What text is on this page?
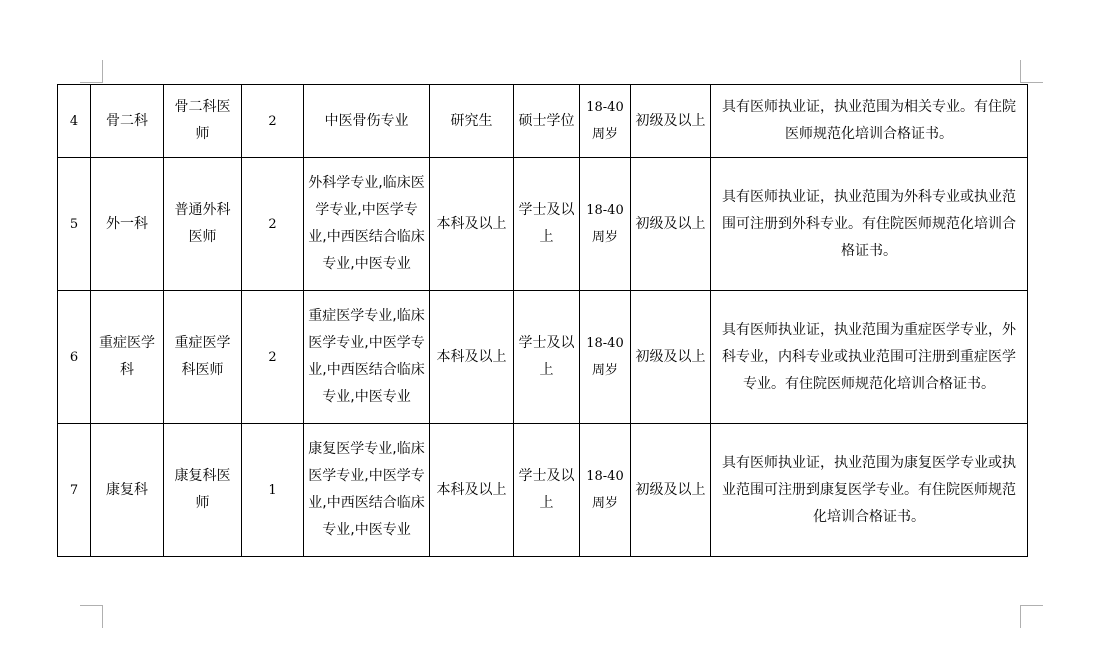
4	骨二科	骨二科医师	2	中医骨伤专业	研究生	硕士学位	18-40周岁	初级及以上	具有医师执业证，执业范围为相关专业。有住院医师规范化培训合格证书。
5	外一科	普通外科医师	2	外科学专业,临床医学专业,中医学专业,中西医结合临床专业,中医专业	本科及以上	学士及以上	18-40周岁	初级及以上	具有医师执业证，执业范围为外科专业或执业范围可注册到外科专业。有住院医师规范化培训合格证书。
6	重症医学科	重症医学科医师	2	重症医学专业,临床医学专业,中医学专业,中西医结合临床专业,中医专业	本科及以上	学士及以上	18-40周岁	初级及以上	具有医师执业证，执业范围为重症医学专业，外科专业，内科专业或执业范围可注册到重症医学专业。有住院医师规范化培训合格证书。
7	康复科	康复科医师	1	康复医学专业,临床医学专业,中医学专业,中西医结合临床专业,中医专业	本科及以上	学士及以上	18-40周岁	初级及以上	具有医师执业证，执业范围为康复医学专业或执业范围可注册到康复医学专业。有住院医师规范化培训合格证书。
